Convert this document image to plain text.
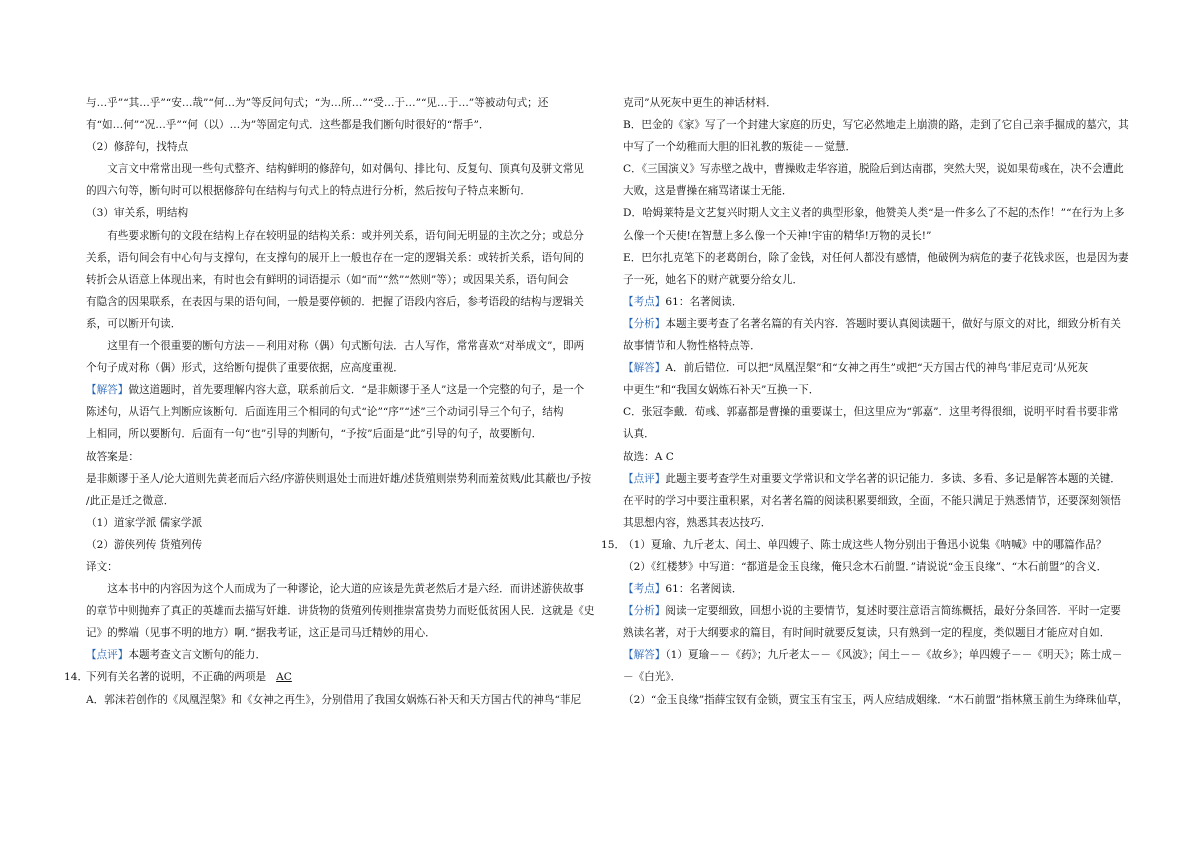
与…乎”“其…乎”“安…哉”“何…为”等反问句式；“为…所…”“受…于…”“见…于…”等被动句式；还
有“如…何”“况…乎”“何（以）…为”等固定句式．这些都是我们断句时很好的“帮手”．
（2）修辞句，找特点
文言文中常常出现一些句式整齐、结构鲜明的修辞句，如对偶句、排比句、反复句、顶真句及骈文常见
的四六句等，断句时可以根据修辞句在结构与句式上的特点进行分析，然后按句子特点来断句．
（3）审关系，明结构
有些要求断句的文段在结构上存在较明显的结构关系：或并列关系，语句间无明显的主次之分；或总分
关系，语句间会有中心句与支撑句，在支撑句的展开上一般也存在一定的逻辑关系：或转折关系，语句间的
转折会从语意上体现出来，有时也会有鲜明的词语提示（如“而”“然”“然则”等）；或因果关系，语句间会
有隐含的因果联系，在表因与果的语句间，一般是要停顿的．把握了语段内容后，参考语段的结构与逻辑关
系，可以断开句读．
这里有一个很重要的断句方法－－利用对称（偶）句式断句法．古人写作，常常喜欢“对举成文”，即两
个句子成对称（偶）形式，这给断句提供了重要依据，应高度重视．
【解答】做这道题时，首先要理解内容大意，联系前后文．“是非颇谬于圣人”这是一个完整的句子，是一个
陈述句，从语气上判断应该断句．后面连用三个相同的句式“论”“序”“述”三个动词引导三个句子，结构
上相同，所以要断句．后面有一句“也”引导的判断句，“予按”后面是“此”引导的句子，故要断句．
故答案是：
是非颇谬于圣人/论大道则先黄老而后六经/序游侠则退处士而进奸雄/述货殖则崇势利而羞贫贱/此其蔽也/予按
/此正是迁之微意．
（1）道家学派 儒家学派
（2）游侠列传 货殖列传
译文：
这本书中的内容因为这个人而成为了一种谬论，论大道的应该是先黄老然后才是六经．而讲述游侠故事
的章节中则抛弃了真正的英雄而去描写奸雄．讲货物的货殖列传则推崇富贵势力而贬低贫困人民．这就是《史
记》的弊端（见事不明的地方）啊．”据我考证，这正是司马迁精妙的用心．
【点评】本题考查文言文断句的能力．
14．下列有关名著的说明，不正确的两项是 AC
A．郭沫若创作的《凤凰涅槃》和《女神之再生》，分别借用了我国女娲炼石补天和天方国古代的神鸟“菲尼
克司”从死灰中更生的神话材料．
B．巴金的《家》写了一个封建大家庭的历史，写它必然地走上崩溃的路，走到了它自己亲手掘成的墓穴，其
中写了一个幼稚而大胆的旧礼教的叛徒－－觉慧．
C．《三国演义》写赤壁之战中，曹操败走华容道，脱险后到达南郡，突然大哭，说如果荀彧在，决不会遭此
大败，这是曹操在痛骂诸谋士无能．
D．哈姆莱特是文艺复兴时期人文主义者的典型形象，他赞美人类“是一件多么了不起的杰作！”“在行为上多
么像一个天使!在智慧上多么像一个天神!宇宙的精华!万物的灵长!”
E．巴尔扎克笔下的老葛朗台，除了金钱，对任何人都没有感情，他破例为病危的妻子花钱求医，也是因为妻
子一死，她名下的财产就要分给女儿．
【考点】61：名著阅读．
【分析】本题主要考查了名著名篇的有关内容．答题时要认真阅读题干，做好与原文的对比，细致分析有关
故事情节和人物性格特点等．
【解答】A．前后错位．可以把“凤凰涅槃”和“女神之再生”或把“天方国古代的神鸟‘菲尼克司’从死灰
中更生”和“我国女娲炼石补天”互换一下．
C．张冠李戴．荀彧、郭嘉都是曹操的重要谋士，但这里应为“郭嘉”．这里考得很细，说明平时看书要非常
认真．
故选：A C
【点评】此题主要考查学生对重要文学常识和文学名著的识记能力．多读、多看、多记是解答本题的关键．
在平时的学习中要注重积累，对名著名篇的阅读积累要细致，全面，不能只满足于熟悉情节，还要深刻领悟
其思想内容，熟悉其表达技巧．
15．（1）夏瑜、九斤老太、闰土、单四嫂子、陈士成这些人物分别出于鲁迅小说集《呐喊》中的哪篇作品？
（2）《红楼梦》中写道：“都道是金玉良缘，俺只念木石前盟．”请说说“金玉良缘”、“木石前盟”的含义．
【考点】61：名著阅读．
【分析】阅读一定要细致，回想小说的主要情节，复述时要注意语言简练概括，最好分条回答．平时一定要
熟读名著，对于大纲要求的篇目，有时间时就要反复读，只有熟到一定的程度，类似题目才能应对自如．
【解答】（1）夏瑜－－《药》；九斤老太－－《风波》；闰土－－《故乡》；单四嫂子－－《明天》；陈士成－
－《白光》．
（2）“金玉良缘”指薛宝钗有金锁，贾宝玉有宝玉，两人应结成姻缘．“木石前盟”指林黛玉前生为绛珠仙草，
